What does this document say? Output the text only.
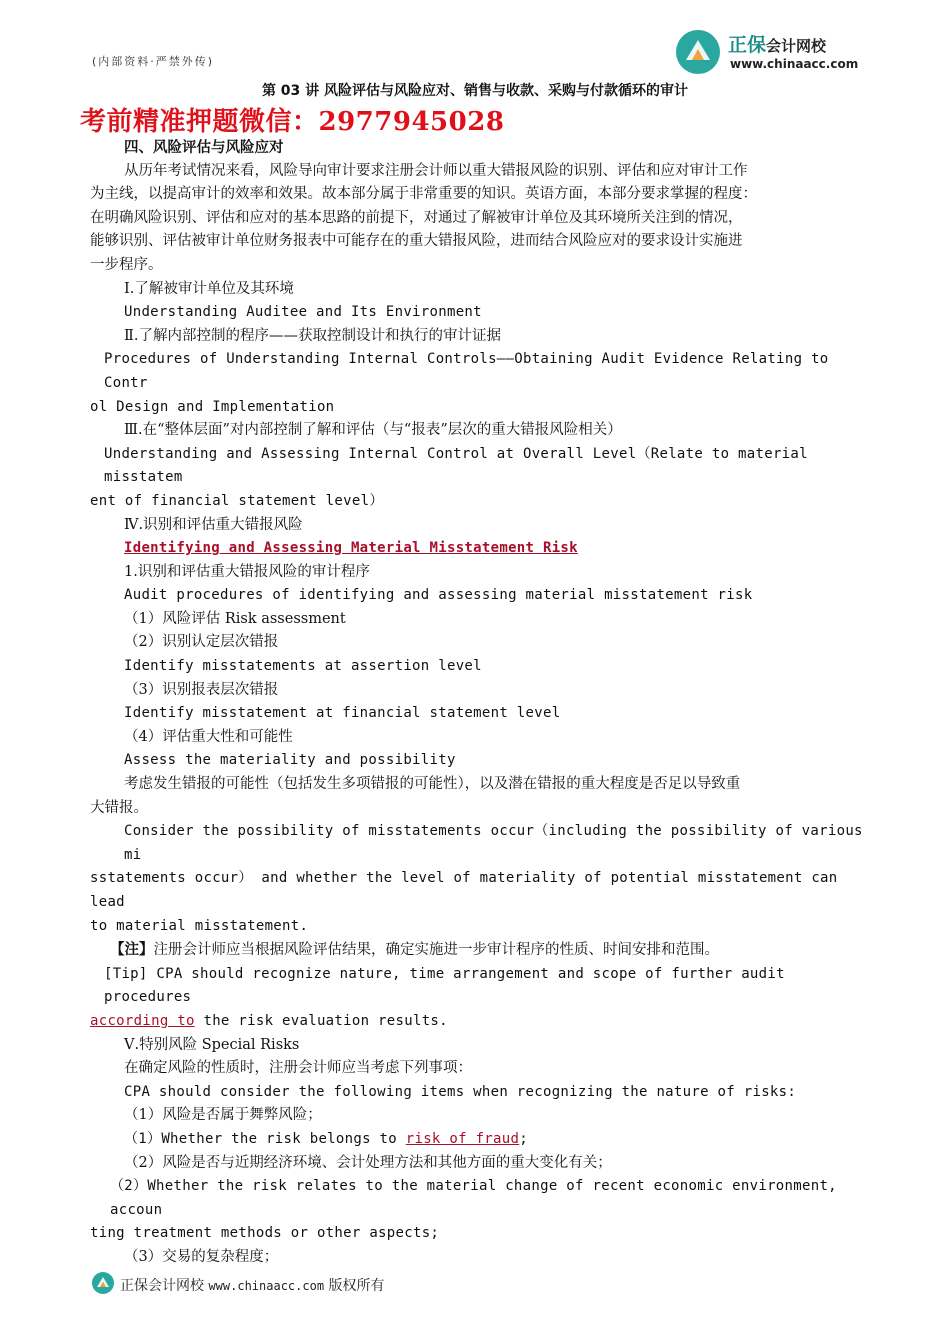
(内部资料·严禁外传)
正保会计网校
www.chinaacc.com
第 03 讲 风险评估与风险应对、销售与收款、采购与付款循环的审计
考前精准押题微信：2977945028
四、风险评估与风险应对
从历年考试情况来看，风险导向审计要求注册会计师以重大错报风险的识别、评估和应对审计工作
为主线，以提高审计的效率和效果。故本部分属于非常重要的知识。英语方面，本部分要求掌握的程度：
在明确风险识别、评估和应对的基本思路的前提下，对通过了解被审计单位及其环境所关注到的情况，
能够识别、评估被审计单位财务报表中可能存在的重大错报风险，进而结合风险应对的要求设计实施进
一步程序。
Ⅰ.了解被审计单位及其环境
Understanding Auditee and Its Environment
Ⅱ.了解内部控制的程序——获取控制设计和执行的审计证据
Procedures of Understanding Internal Controls——Obtaining Audit Evidence Relating to Contr
ol Design and Implementation
Ⅲ.在“整体层面”对内部控制了解和评估（与“报表”层次的重大错报风险相关）
Understanding and Assessing Internal Control at Overall Level（Relate to material misstatem
ent of financial statement level）
Ⅳ.识别和评估重大错报风险
Identifying and Assessing Material Misstatement Risk
1.识别和评估重大错报风险的审计程序
Audit procedures of identifying and assessing material misstatement risk
（1）风险评估 Risk assessment
（2）识别认定层次错报
Identify misstatements at assertion level
（3）识别报表层次错报
Identify misstatement at financial statement level
（4）评估重大性和可能性
Assess the materiality and possibility
考虑发生错报的可能性（包括发生多项错报的可能性），以及潜在错报的重大程度是否足以导致重
大错报。
Consider the possibility of misstatements occur（including the possibility of various mi
sstatements occur） and whether the level of materiality of potential misstatement can lead
to material misstatement.
【注】注册会计师应当根据风险评估结果，确定实施进一步审计程序的性质、时间安排和范围。
[Tip] CPA should recognize nature, time arrangement and scope of further audit procedures
according to the risk evaluation results.
Ⅴ.特别风险 Special Risks
在确定风险的性质时，注册会计师应当考虑下列事项：
CPA should consider the following items when recognizing the nature of risks:
（1）风险是否属于舞弊风险；
（1）Whether the risk belongs to risk of fraud;
（2）风险是否与近期经济环境、会计处理方法和其他方面的重大变化有关；
（2）Whether the risk relates to the material change of recent economic environment, accoun
ting treatment methods or other aspects;
（3）交易的复杂程度；
正保会计网校 www.chinaacc.com 版权所有
